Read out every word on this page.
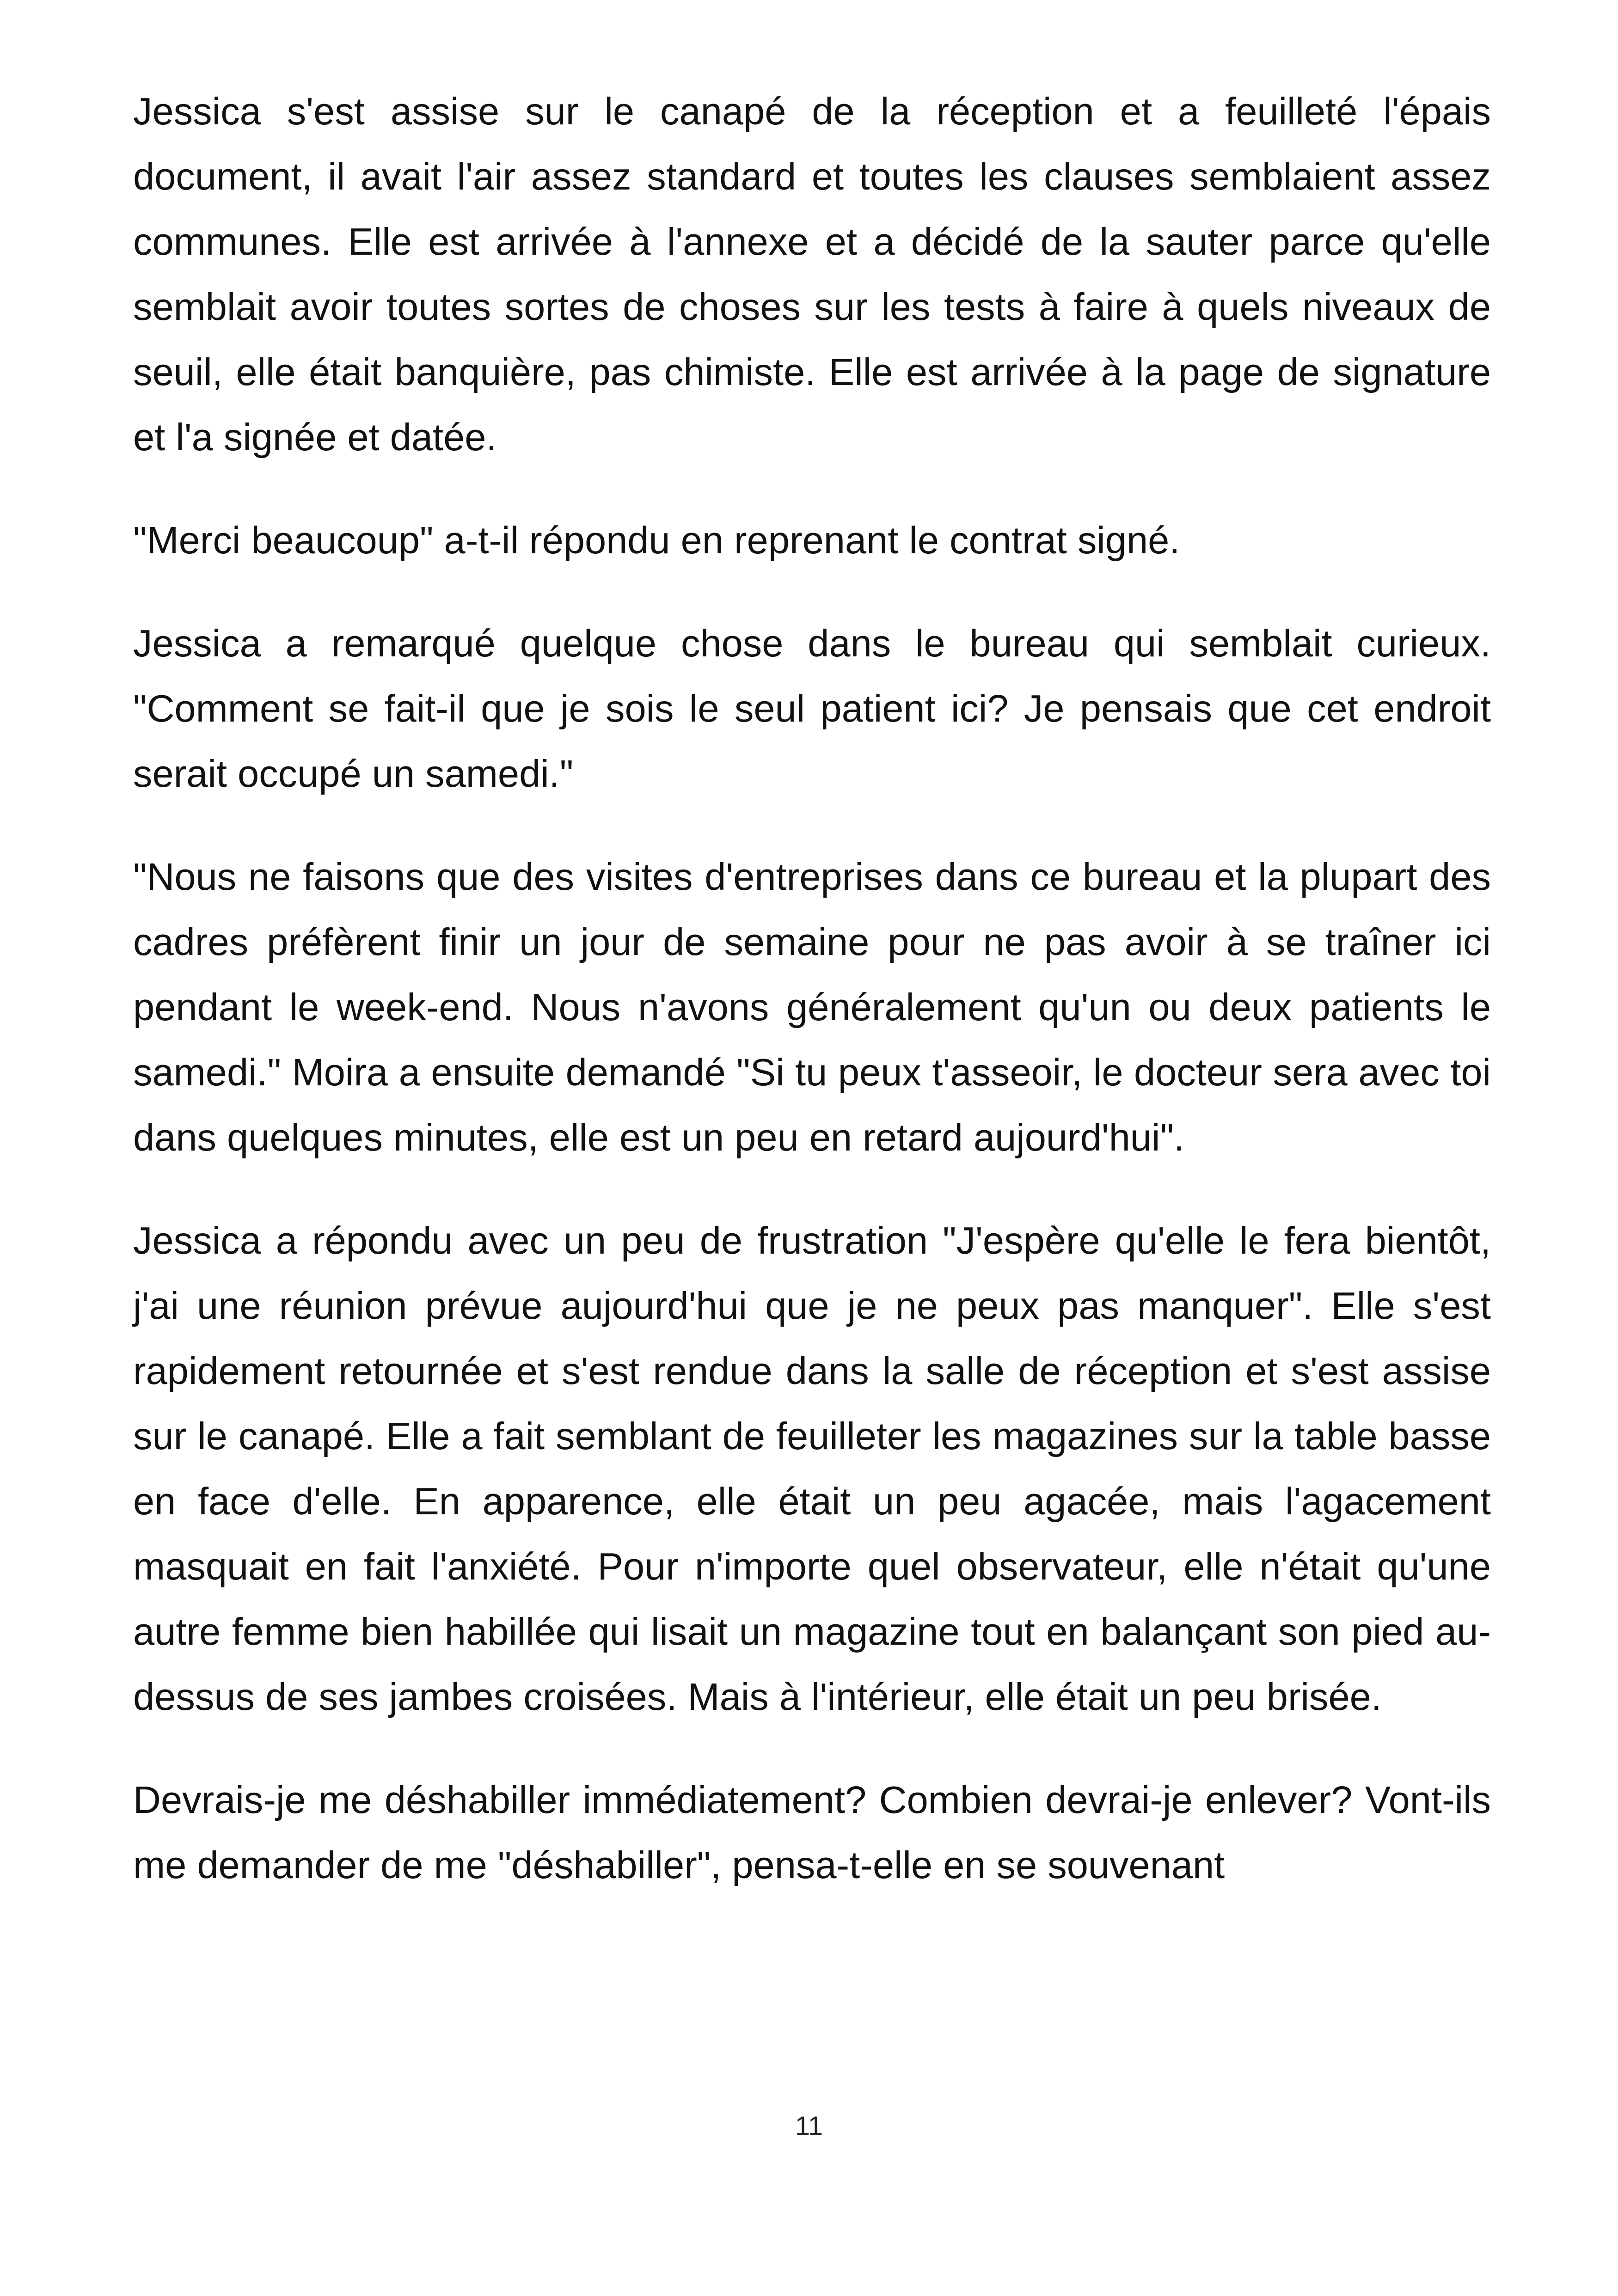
Jessica s'est assise sur le canapé de la réception et a feuilleté l'épais document, il avait l'air assez standard et toutes les clauses semblaient assez communes. Elle est arrivée à l'annexe et a décidé de la sauter parce qu'elle semblait avoir toutes sortes de choses sur les tests à faire à quels niveaux de seuil, elle était banquière, pas chimiste. Elle est arrivée à la page de signature et l'a signée et datée.

"Merci beaucoup" a-t-il répondu en reprenant le contrat signé.

Jessica a remarqué quelque chose dans le bureau qui semblait curieux. "Comment se fait-il que je sois le seul patient ici? Je pensais que cet endroit serait occupé un samedi."

"Nous ne faisons que des visites d'entreprises dans ce bureau et la plupart des cadres préfèrent finir un jour de semaine pour ne pas avoir à se traîner ici pendant le week-end. Nous n'avons généralement qu'un ou deux patients le samedi." Moira a ensuite demandé "Si tu peux t'asseoir, le docteur sera avec toi dans quelques minutes, elle est un peu en retard aujourd'hui".

Jessica a répondu avec un peu de frustration "J'espère qu'elle le fera bientôt, j'ai une réunion prévue aujourd'hui que je ne peux pas manquer". Elle s'est rapidement retournée et s'est rendue dans la salle de réception et s'est assise sur le canapé. Elle a fait semblant de feuilleter les magazines sur la table basse en face d'elle. En apparence, elle était un peu agacée, mais l'agacement masquait en fait l'anxiété. Pour n'importe quel observateur, elle n'était qu'une autre femme bien habillée qui lisait un magazine tout en balançant son pied au-dessus de ses jambes croisées. Mais à l'intérieur, elle était un peu brisée.

Devrais-je me déshabiller immédiatement? Combien devrai-je enlever? Vont-ils me demander de me "déshabiller", pensa-t-elle en se souvenant

11
